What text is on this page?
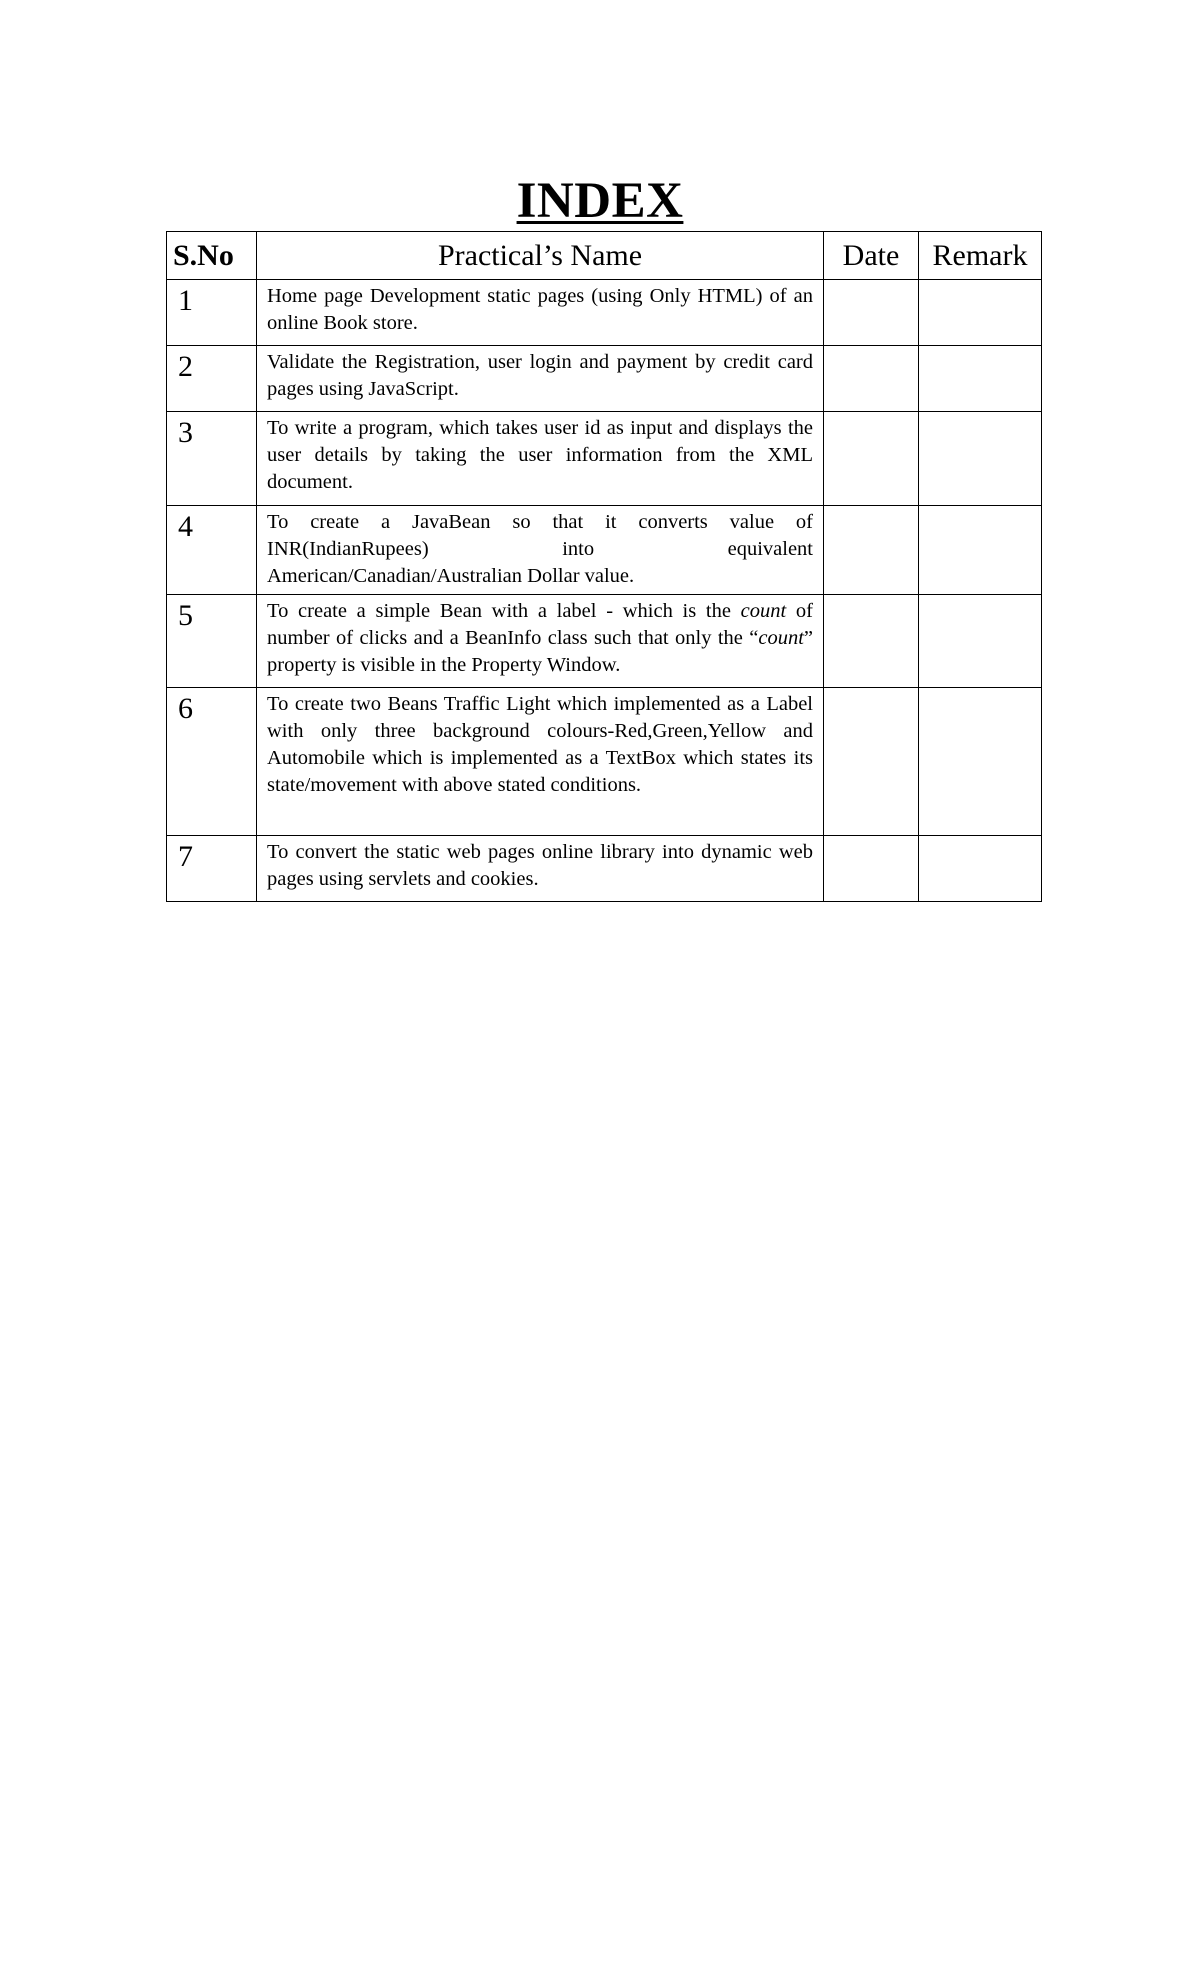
INDEX
S.No	Practical’s Name	Date	Remark
1	Home page Development static pages (using Only HTML) of an online Book store.		
2	Validate the Registration, user login and payment by credit card pages using JavaScript.		
3	To write a program, which takes user id as input and displays the user details by taking the user information from the XML document.		
4	To create a JavaBean so that it converts value of INR(IndianRupees) into equivalent American/Canadian/Australian Dollar value.		
5	To create a simple Bean with a label - which is the count of number of clicks and a BeanInfo class such that only the “count” property is visible in the Property Window.		
6	To create two Beans Traffic Light which implemented as a Label with only three background colours-Red,Green,Yellow and Automobile which is implemented as a TextBox which states its state/movement with above stated conditions.		
7	To convert the static web pages online library into dynamic web pages using servlets and cookies.		
